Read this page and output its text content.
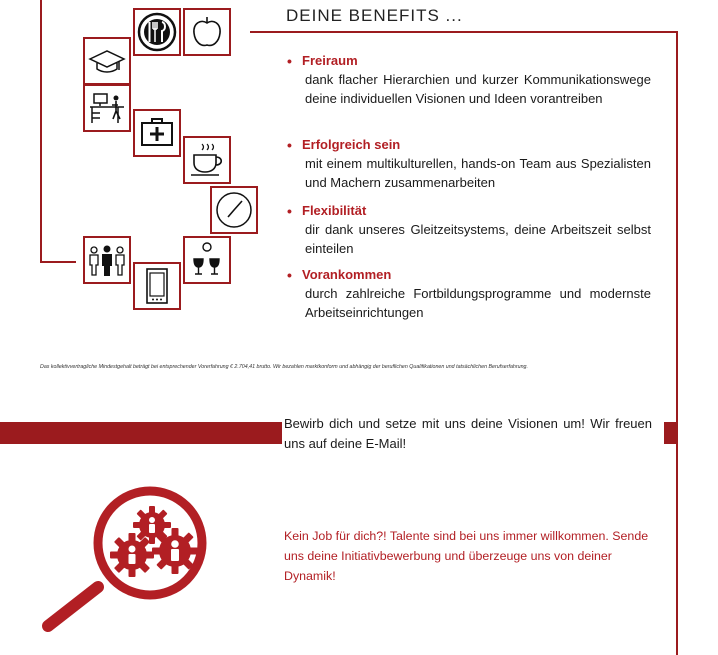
DEINE BENEFITS ...
• Freiraum
dank flacher Hierarchien und kurzer Kommunikationswege deine individuellen Visionen und Ideen vorantreiben
• Erfolgreich sein
mit einem multikulturellen, hands-on Team aus Spezialisten und Machern zusammenarbeiten
• Flexibilität
dir dank unseres Gleitzeitsystems, deine Arbeitszeit selbst einteilen
• Vorankommen
durch zahlreiche Fortbildungsprogramme und modernste Arbeitseinrichtungen
Das kollektivvertragliche Mindestgehalt beträgt bei entsprechender Vorerfahrung € 2.704,41 brutto. Wir bezahlen marktkonform und abhängig der beruflichen Qualifikationen und tatsächlichen Berufserfahrung.
Bewirb dich und setze mit uns deine Visionen um! Wir freuen uns auf deine E-Mail!
Kein Job für dich?! Talente sind bei uns immer willkommen. Sende uns deine Initiativbewerbung und überzeuge uns von deiner Dynamik!
